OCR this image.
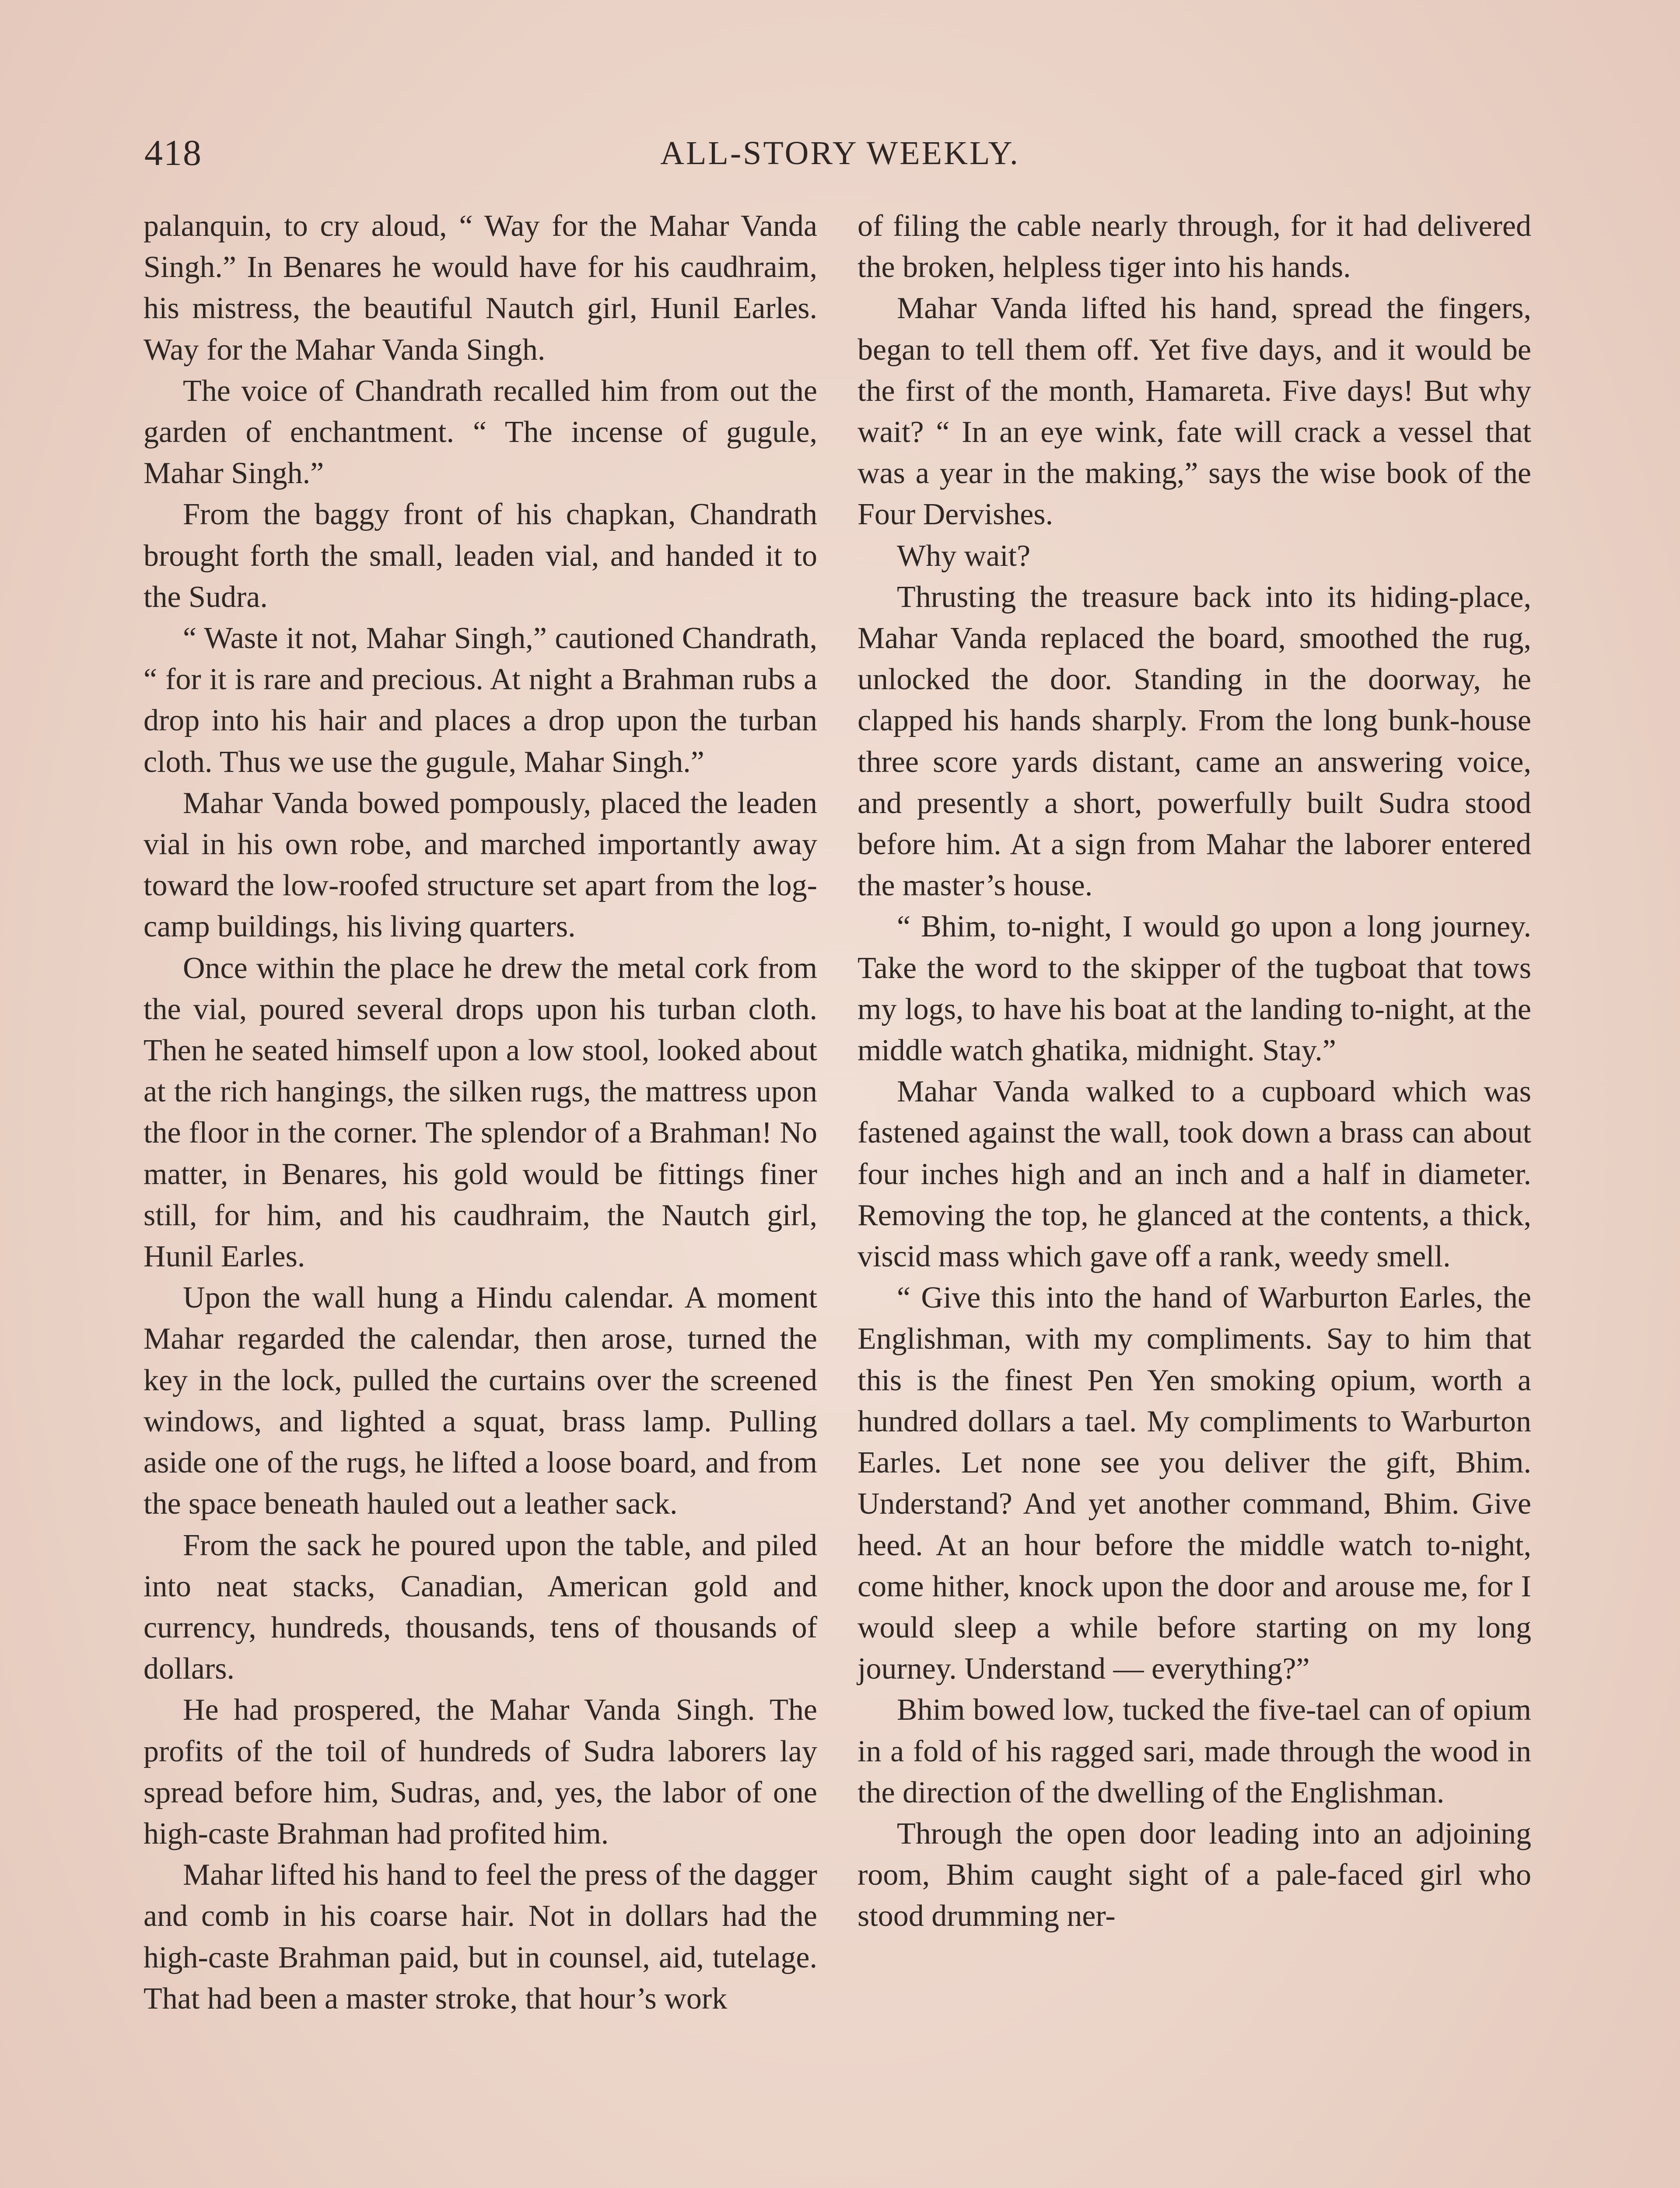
418	ALL-STORY WEEKLY.

palanquin, to cry aloud, “ Way for the Mahar Vanda Singh.” In Benares he would have for his caudhraim, his mistress, the beautiful Nautch girl, Hunil Earles. Way for the Mahar Vanda Singh.

The voice of Chandrath recalled him from out the garden of enchantment. “ The incense of gugule, Mahar Singh.”

From the baggy front of his chapkan, Chandrath brought forth the small, leaden vial, and handed it to the Sudra.

“ Waste it not, Mahar Singh,” cautioned Chandrath, “ for it is rare and precious. At night a Brahman rubs a drop into his hair and places a drop upon the turban cloth. Thus we use the gugule, Mahar Singh.”

Mahar Vanda bowed pompously, placed the leaden vial in his own robe, and marched importantly away toward the low-roofed structure set apart from the log-camp buildings, his living quarters.

Once within the place he drew the metal cork from the vial, poured several drops upon his turban cloth. Then he seated himself upon a low stool, looked about at the rich hangings, the silken rugs, the mattress upon the floor in the corner. The splendor of a Brahman! No matter, in Benares, his gold would be fittings finer still, for him, and his caudhraim, the Nautch girl, Hunil Earles.

Upon the wall hung a Hindu calendar. A moment Mahar regarded the calendar, then arose, turned the key in the lock, pulled the curtains over the screened windows, and lighted a squat, brass lamp. Pulling aside one of the rugs, he lifted a loose board, and from the space beneath hauled out a leather sack.

From the sack he poured upon the table, and piled into neat stacks, Canadian, American gold and currency, hundreds, thousands, tens of thousands of dollars.

He had prospered, the Mahar Vanda Singh. The profits of the toil of hundreds of Sudra laborers lay spread before him, Sudras, and, yes, the labor of one high-caste Brahman had profited him.

Mahar lifted his hand to feel the press of the dagger and comb in his coarse hair. Not in dollars had the high-caste Brahman paid, but in counsel, aid, tutelage. That had been a master stroke, that hour’s work

of filing the cable nearly through, for it had delivered the broken, helpless tiger into his hands.

Mahar Vanda lifted his hand, spread the fingers, began to tell them off. Yet five days, and it would be the first of the month, Hamareta. Five days! But why wait? “ In an eye wink, fate will crack a vessel that was a year in the making,” says the wise book of the Four Dervishes.

Why wait?

Thrusting the treasure back into its hiding-place, Mahar Vanda replaced the board, smoothed the rug, unlocked the door. Standing in the doorway, he clapped his hands sharply. From the long bunk-house three score yards distant, came an answering voice, and presently a short, powerfully built Sudra stood before him. At a sign from Mahar the laborer entered the master’s house.

“ Bhim, to-night, I would go upon a long journey. Take the word to the skipper of the tugboat that tows my logs, to have his boat at the landing to-night, at the middle watch ghatika, midnight. Stay.”

Mahar Vanda walked to a cupboard which was fastened against the wall, took down a brass can about four inches high and an inch and a half in diameter. Removing the top, he glanced at the contents, a thick, viscid mass which gave off a rank, weedy smell.

“ Give this into the hand of Warburton Earles, the Englishman, with my compliments. Say to him that this is the finest Pen Yen smoking opium, worth a hundred dollars a tael. My compliments to Warburton Earles. Let none see you deliver the gift, Bhim. Understand? And yet another command, Bhim. Give heed. At an hour before the middle watch to-night, come hither, knock upon the door and arouse me, for I would sleep a while before starting on my long journey. Understand — everything?”

Bhim bowed low, tucked the five-tael can of opium in a fold of his ragged sari, made through the wood in the direction of the dwelling of the Englishman.

Through the open door leading into an adjoining room, Bhim caught sight of a pale-faced girl who stood drumming ner-
